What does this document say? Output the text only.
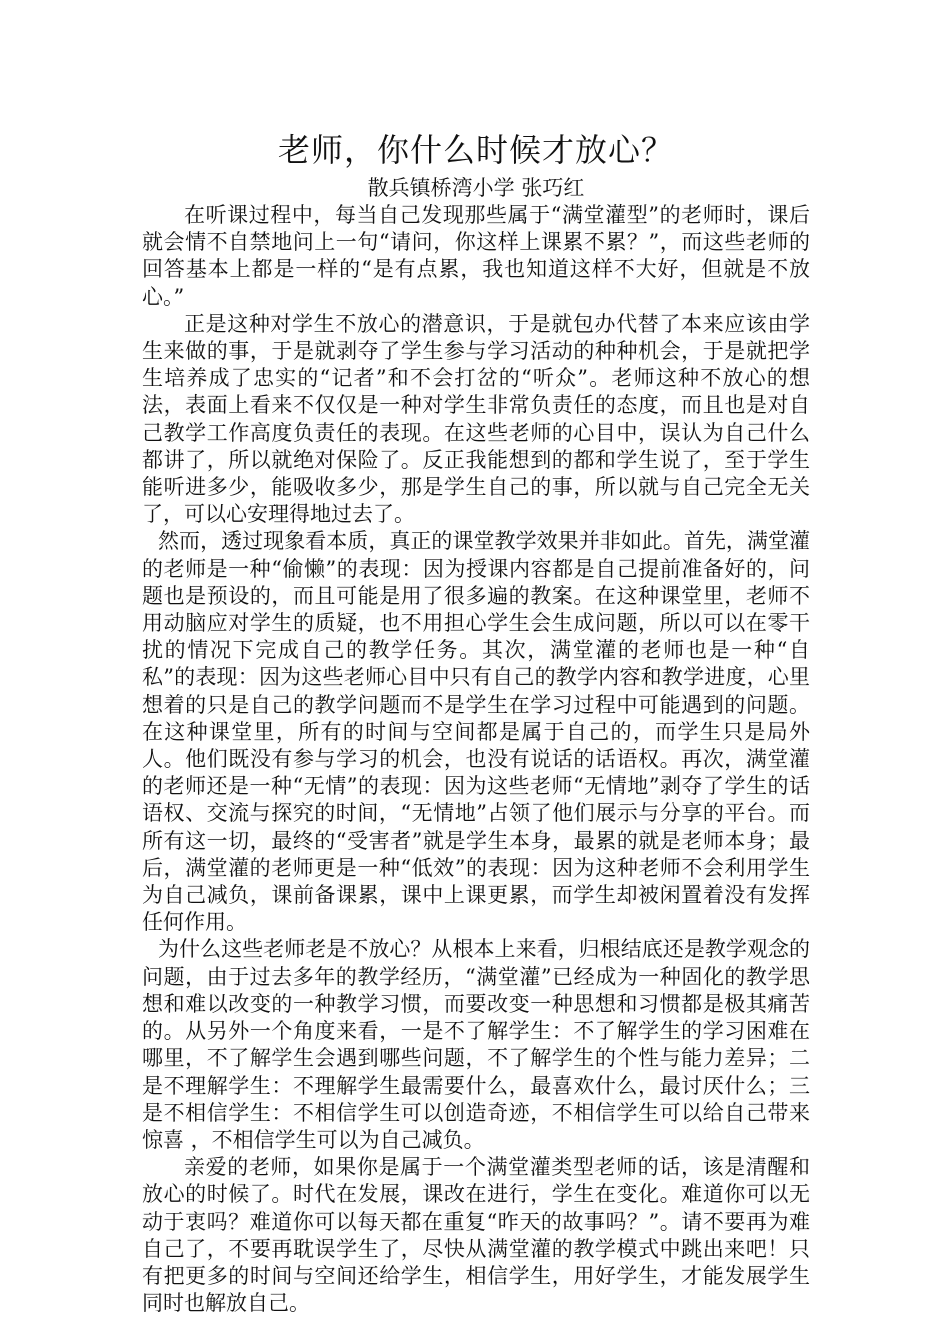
老师，你什么时候才放心？
散兵镇桥湾小学 张巧红

在听课过程中，每当自己发现那些属于“满堂灌型”的老师时，课后就会情不自禁地问上一句“请问，你这样上课累不累？”，而这些老师的回答基本上都是一样的“是有点累，我也知道这样不大好，但就是不放心。”

正是这种对学生不放心的潜意识，于是就包办代替了本来应该由学生来做的事，于是就剥夺了学生参与学习活动的种种机会，于是就把学生培养成了忠实的“记者”和不会打岔的“听众”。老师这种不放心的想法，表面上看来不仅仅是一种对学生非常负责任的态度，而且也是对自己教学工作高度负责任的表现。在这些老师的心目中，误认为自己什么都讲了，所以就绝对保险了。反正我能想到的都和学生说了，至于学生能听进多少，能吸收多少，那是学生自己的事，所以就与自己完全无关了，可以心安理得地过去了。

然而，透过现象看本质，真正的课堂教学效果并非如此。首先，满堂灌的老师是一种“偷懒”的表现：因为授课内容都是自己提前准备好的，问题也是预设的，而且可能是用了很多遍的教案。在这种课堂里，老师不用动脑应对学生的质疑，也不用担心学生会生成问题，所以可以在零干扰的情况下完成自己的教学任务。其次，满堂灌的老师也是一种“自私”的表现：因为这些老师心目中只有自己的教学内容和教学进度，心里想着的只是自己的教学问题而不是学生在学习过程中可能遇到的问题。在这种课堂里，所有的时间与空间都是属于自己的，而学生只是局外人。他们既没有参与学习的机会，也没有说话的话语权。再次，满堂灌的老师还是一种“无情”的表现：因为这些老师“无情地”剥夺了学生的话语权、交流与探究的时间，“无情地”占领了他们展示与分享的平台。而所有这一切，最终的“受害者”就是学生本身，最累的就是老师本身；最后，满堂灌的老师更是一种“低效”的表现：因为这种老师不会利用学生为自己减负，课前备课累，课中上课更累，而学生却被闲置着没有发挥任何作用。

为什么这些老师老是不放心？从根本上来看，归根结底还是教学观念的问题，由于过去多年的教学经历，“满堂灌”已经成为一种固化的教学思想和难以改变的一种教学习惯，而要改变一种思想和习惯都是极其痛苦的。从另外一个角度来看，一是不了解学生：不了解学生的学习困难在哪里，不了解学生会遇到哪些问题，不了解学生的个性与能力差异；二是不理解学生：不理解学生最需要什么，最喜欢什么，最讨厌什么；三是不相信学生：不相信学生可以创造奇迹，不相信学生可以给自己带来惊喜 ，不相信学生可以为自己减负。

亲爱的老师，如果你是属于一个满堂灌类型老师的话，该是清醒和放心的时候了。时代在发展，课改在进行，学生在变化。难道你可以无动于衷吗？难道你可以每天都在重复“昨天的故事吗？”。请不要再为难自己了，不要再耽误学生了，尽快从满堂灌的教学模式中跳出来吧！只有把更多的时间与空间还给学生，相信学生，用好学生，才能发展学生同时也解放自己。
